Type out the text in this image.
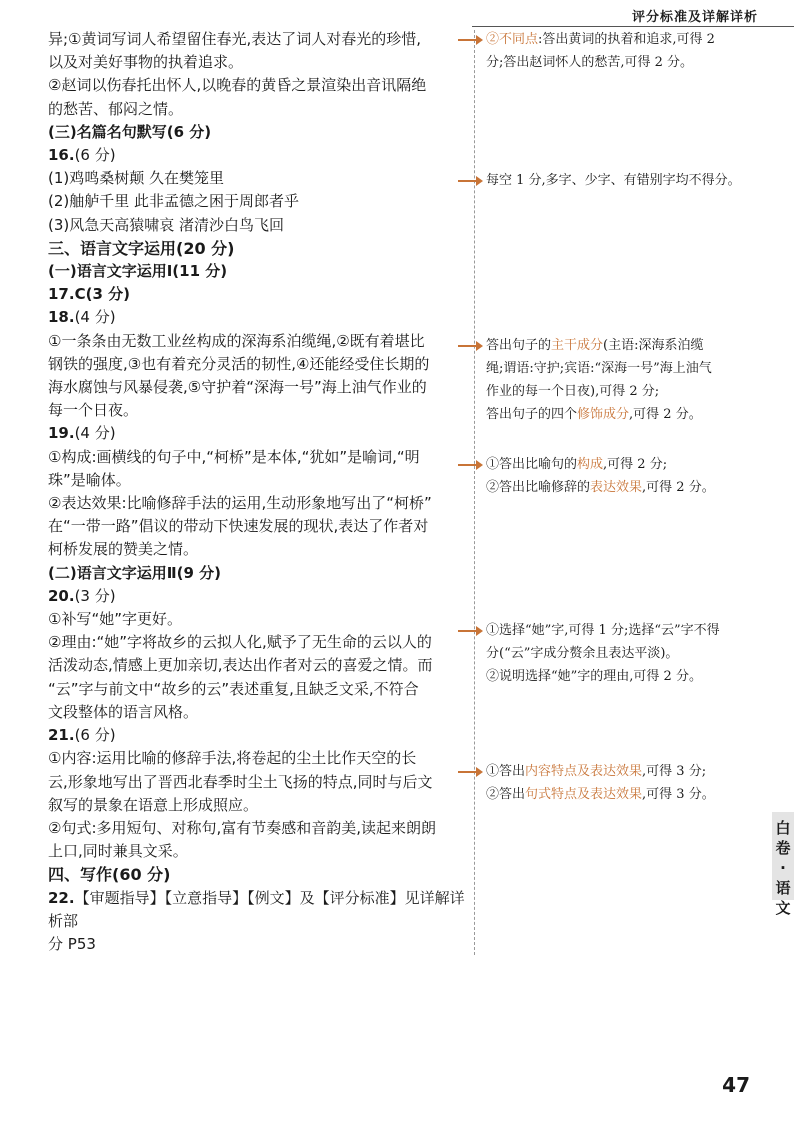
评分标准及详解详析

异;①黄词写词人希望留住春光,表达了词人对春光的珍惜,

以及对美好事物的执着追求。

②赵词以伤春托出怀人,以晚春的黄昏之景渲染出音讯隔绝

的愁苦、郁闷之情。

(三)名篇名句默写(6 分)

16.(6 分)

(1)鸡鸣桑树颠 久在樊笼里

(2)舳舻千里 此非孟德之困于周郎者乎

(3)风急天高猿啸哀 渚清沙白鸟飞回

三、语言文字运用(20 分)

(一)语言文字运用Ⅰ(11 分)

17.C(3 分)

18.(4 分)

①一条条由无数工业丝构成的深海系泊缆绳,②既有着堪比

钢铁的强度,③也有着充分灵活的韧性,④还能经受住长期的

海水腐蚀与风暴侵袭,⑤守护着“深海一号”海上油气作业的

每一个日夜。

19.(4 分)

①构成:画横线的句子中,“柯桥”是本体,“犹如”是喻词,“明

珠”是喻体。

②表达效果:比喻修辞手法的运用,生动形象地写出了“柯桥”

在“一带一路”倡议的带动下快速发展的现状,表达了作者对

柯桥发展的赞美之情。

(二)语言文字运用Ⅱ(9 分)

20.(3 分)

①补写“她”字更好。

②理由:“她”字将故乡的云拟人化,赋予了无生命的云以人的

活泼动态,情感上更加亲切,表达出作者对云的喜爱之情。而

“云”字与前文中“故乡的云”表述重复,且缺乏文采,不符合

文段整体的语言风格。

21.(6 分)

①内容:运用比喻的修辞手法,将卷起的尘土比作天空的长

云,形象地写出了晋西北春季时尘土飞扬的特点,同时与后文

叙写的景象在语意上形成照应。

②句式:多用短句、对称句,富有节奏感和音韵美,读起来朗朗

上口,同时兼具文采。

四、写作(60 分)

22.【审题指导】【立意指导】【例文】及【评分标准】见详解详析部

分 P53

②不同点:答出黄词的执着和追求,可得 2

分;答出赵词怀人的愁苦,可得 2 分。

每空 1 分,多字、少字、有错别字均不得分。

答出句子的主干成分(主语:深海系泊缆

绳;谓语:守护;宾语:“深海一号”海上油气

作业的每一个日夜),可得 2 分;

答出句子的四个修饰成分,可得 2 分。

①答出比喻句的构成,可得 2 分;

②答出比喻修辞的表达效果,可得 2 分。

①选择“她”字,可得 1 分;选择“云”字不得

分(“云”字成分赘余且表达平淡)。

②说明选择“她”字的理由,可得 2 分。

①答出内容特点及表达效果,可得 3 分;

②答出句式特点及表达效果,可得 3 分。

白
卷
·
语
文
47
